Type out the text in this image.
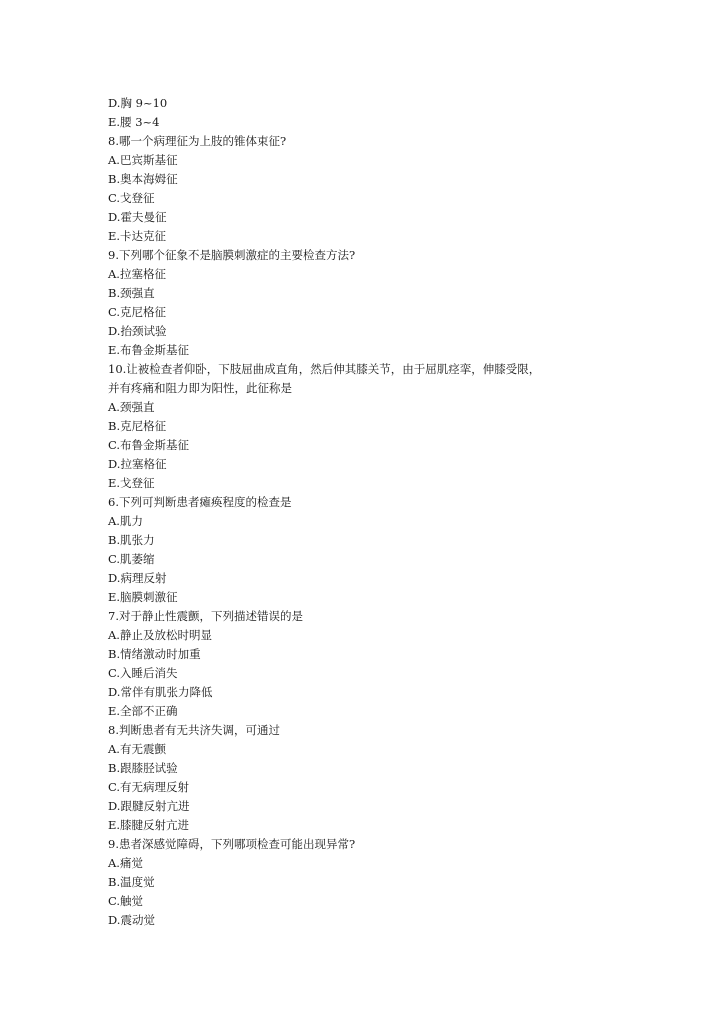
D.胸 9~10
E.腰 3~4
8.哪一个病理征为上肢的锥体束征?
A.巴宾斯基征
B.奥本海姆征
C.戈登征
D.霍夫曼征
E.卡达克征
9.下列哪个征象不是脑膜刺激症的主要检查方法?
A.拉塞格征
B.颈强直
C.克尼格征
D.抬颈试验
E.布鲁金斯基征
10.让被检查者仰卧，下肢屈曲成直角，然后伸其膝关节，由于屈肌痉挛，伸膝受限，
并有疼痛和阻力即为阳性，此征称是
A.颈强直
B.克尼格征
C.布鲁金斯基征
D.拉塞格征
E.戈登征
6.下列可判断患者瘫痪程度的检查是
A.肌力
B.肌张力
C.肌萎缩
D.病理反射
E.脑膜刺激征
7.对于静止性震颤，下列描述错误的是
A.静止及放松时明显
B.情绪激动时加重
C.入睡后消失
D.常伴有肌张力降低
E.全部不正确
8.判断患者有无共济失调，可通过
A.有无震颤
B.跟膝胫试验
C.有无病理反射
D.跟腱反射亢进
E.膝腱反射亢进
9.患者深感觉障碍，下列哪项检查可能出现异常?
A.痛觉
B.温度觉
C.触觉
D.震动觉
